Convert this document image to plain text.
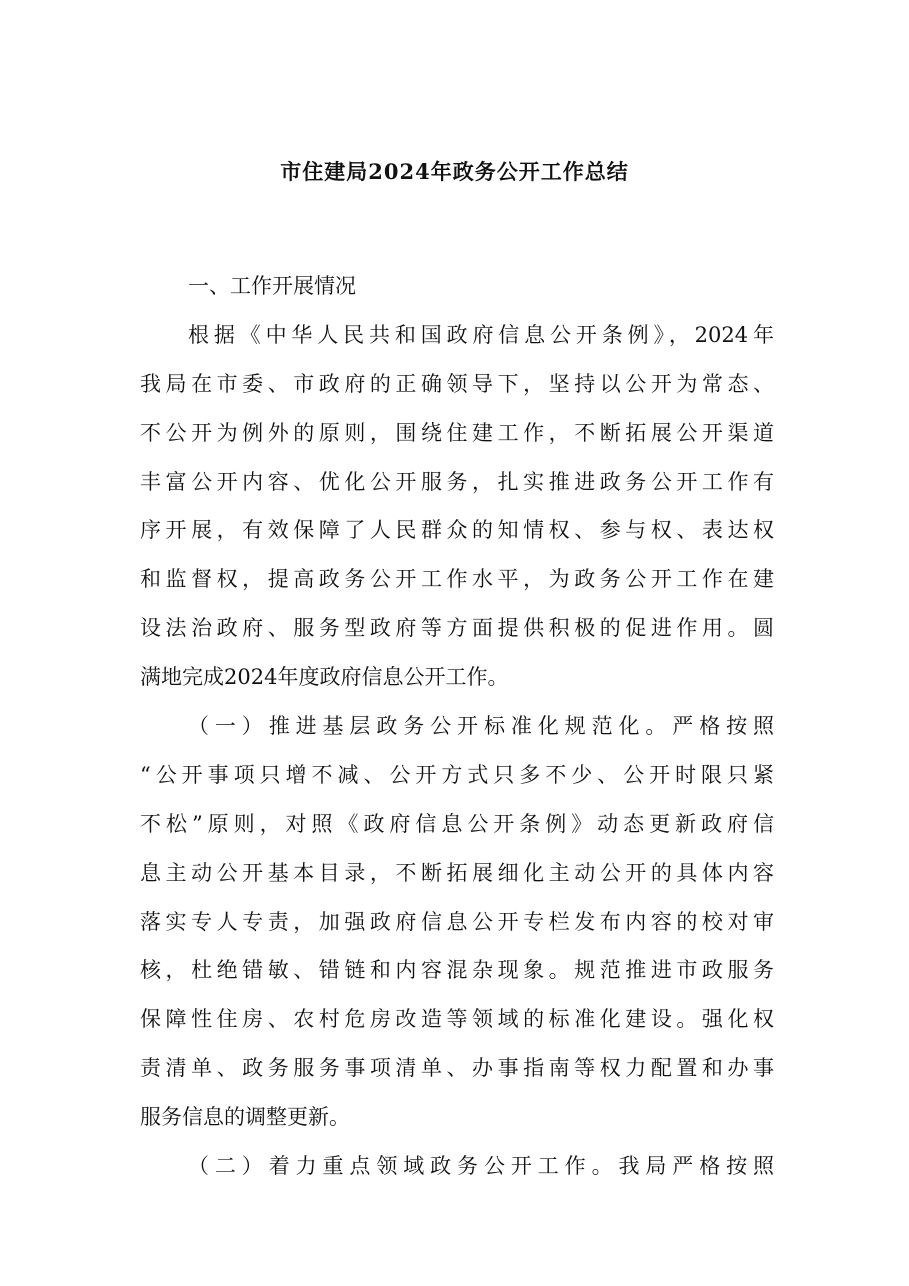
市住建局2024年政务公开工作总结
一、工作开展情况
根据《中华人民共和国政府信息公开条例》，2024年
我局在市委、市政府的正确领导下，坚持以公开为常态、
不公开为例外的原则，围绕住建工作，不断拓展公开渠道
丰富公开内容、优化公开服务，扎实推进政务公开工作有
序开展，有效保障了人民群众的知情权、参与权、表达权
和监督权，提高政务公开工作水平，为政务公开工作在建
设法治政府、服务型政府等方面提供积极的促进作用。圆
满地完成2024年度政府信息公开工作。
（一）推进基层政务公开标准化规范化。严格按照
“公开事项只增不减、公开方式只多不少、公开时限只紧
不松”原则，对照《政府信息公开条例》动态更新政府信
息主动公开基本目录，不断拓展细化主动公开的具体内容
落实专人专责，加强政府信息公开专栏发布内容的校对审
核，杜绝错敏、错链和内容混杂现象。规范推进市政服务
保障性住房、农村危房改造等领域的标准化建设。强化权
责清单、政务服务事项清单、办事指南等权力配置和办事
服务信息的调整更新。
（二）着力重点领域政务公开工作。我局严格按照
